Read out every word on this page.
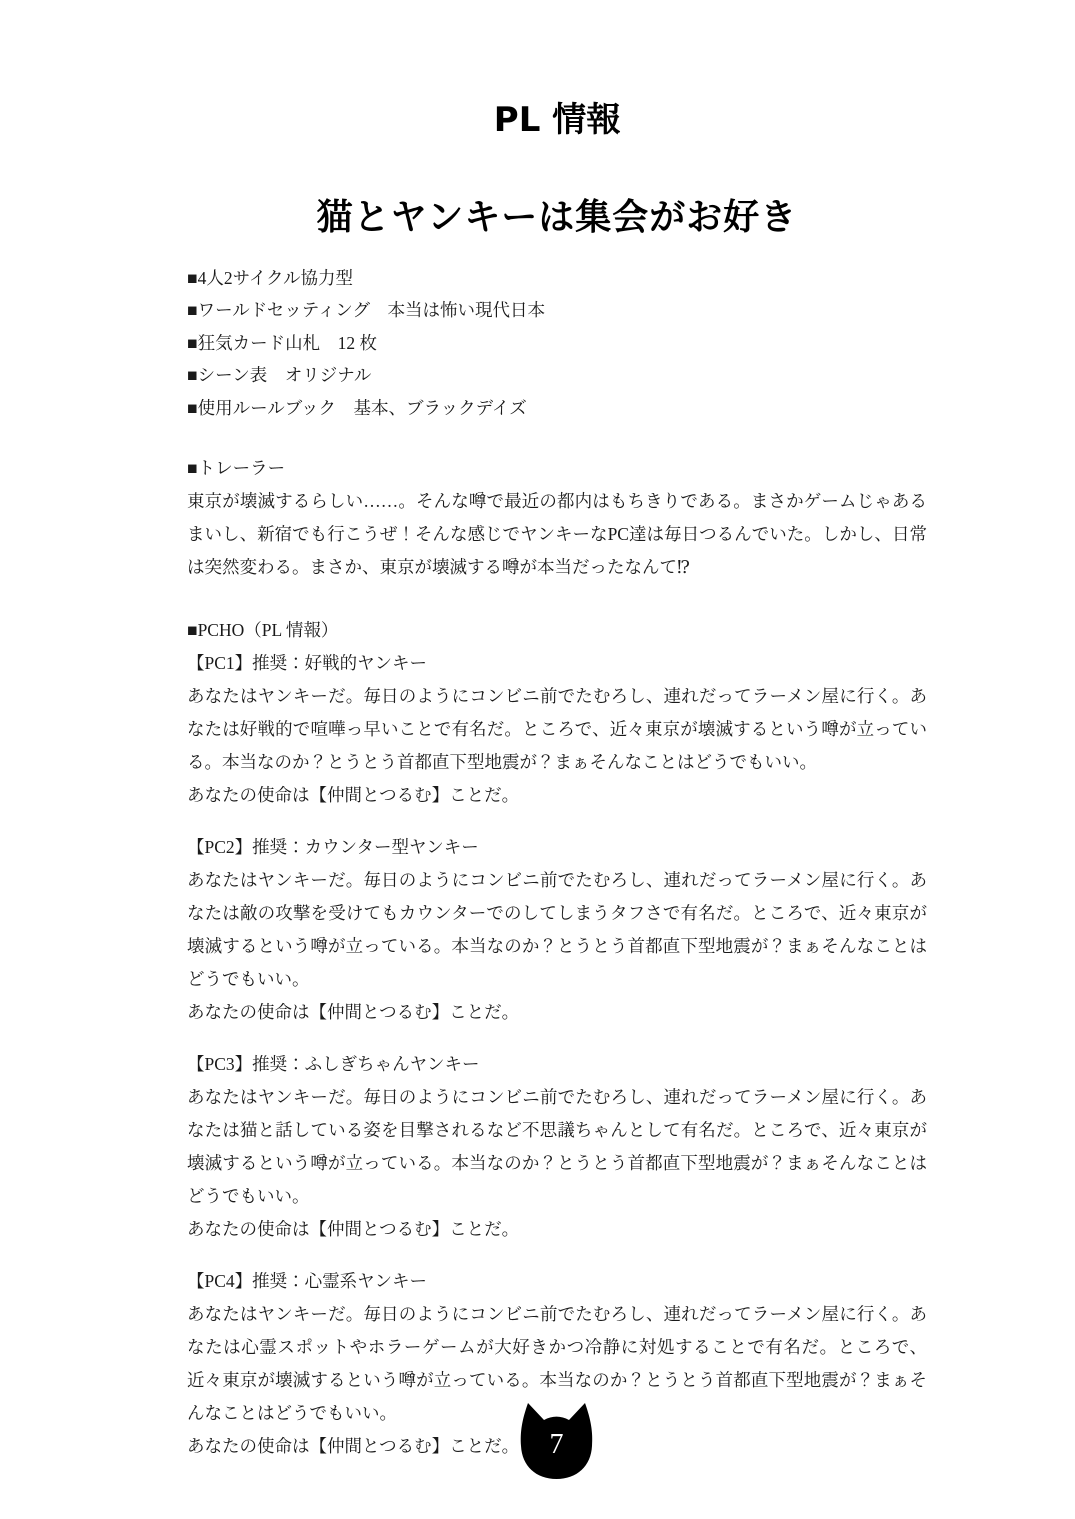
PL 情報
猫とヤンキーは集会がお好き
■4人2サイクル協力型
■ワールドセッティング　本当は怖い現代日本
■狂気カード山札　12 枚
■シーン表　オリジナル
■使用ルールブック　基本、ブラックデイズ
■トレーラー

東京が壊滅するらしい……。そんな噂で最近の都内はもちきりである。まさかゲームじゃあるまいし、新宿でも行こうぜ！そんな感じでヤンキーなPC達は毎日つるんでいた。しかし、日常は突然変わる。まさか、東京が壊滅する噂が本当だったなんて⁉

■PCHO（PL 情報）
【PC1】推奨：好戦的ヤンキー

あなたはヤンキーだ。毎日のようにコンビニ前でたむろし、連れだってラーメン屋に行く。あなたは好戦的で喧嘩っ早いことで有名だ。ところで、近々東京が壊滅するという噂が立っている。本当なのか？とうとう首都直下型地震が？まぁそんなことはどうでもいい。

あなたの使命は【仲間とつるむ】ことだ。
【PC2】推奨：カウンター型ヤンキー

あなたはヤンキーだ。毎日のようにコンビニ前でたむろし、連れだってラーメン屋に行く。あなたは敵の攻撃を受けてもカウンターでのしてしまうタフさで有名だ。ところで、近々東京が壊滅するという噂が立っている。本当なのか？とうとう首都直下型地震が？まぁそんなことはどうでもいい。

あなたの使命は【仲間とつるむ】ことだ。
【PC3】推奨：ふしぎちゃんヤンキー

あなたはヤンキーだ。毎日のようにコンビニ前でたむろし、連れだってラーメン屋に行く。あなたは猫と話している姿を目撃されるなど不思議ちゃんとして有名だ。ところで、近々東京が壊滅するという噂が立っている。本当なのか？とうとう首都直下型地震が？まぁそんなことはどうでもいい。

あなたの使命は【仲間とつるむ】ことだ。
【PC4】推奨：心霊系ヤンキー

あなたはヤンキーだ。毎日のようにコンビニ前でたむろし、連れだってラーメン屋に行く。あなたは心霊スポットやホラーゲームが大好きかつ冷静に対処することで有名だ。ところで、近々東京が壊滅するという噂が立っている。本当なのか？とうとう首都直下型地震が？まぁそんなことはどうでもいい。

あなたの使命は【仲間とつるむ】ことだ。	7
